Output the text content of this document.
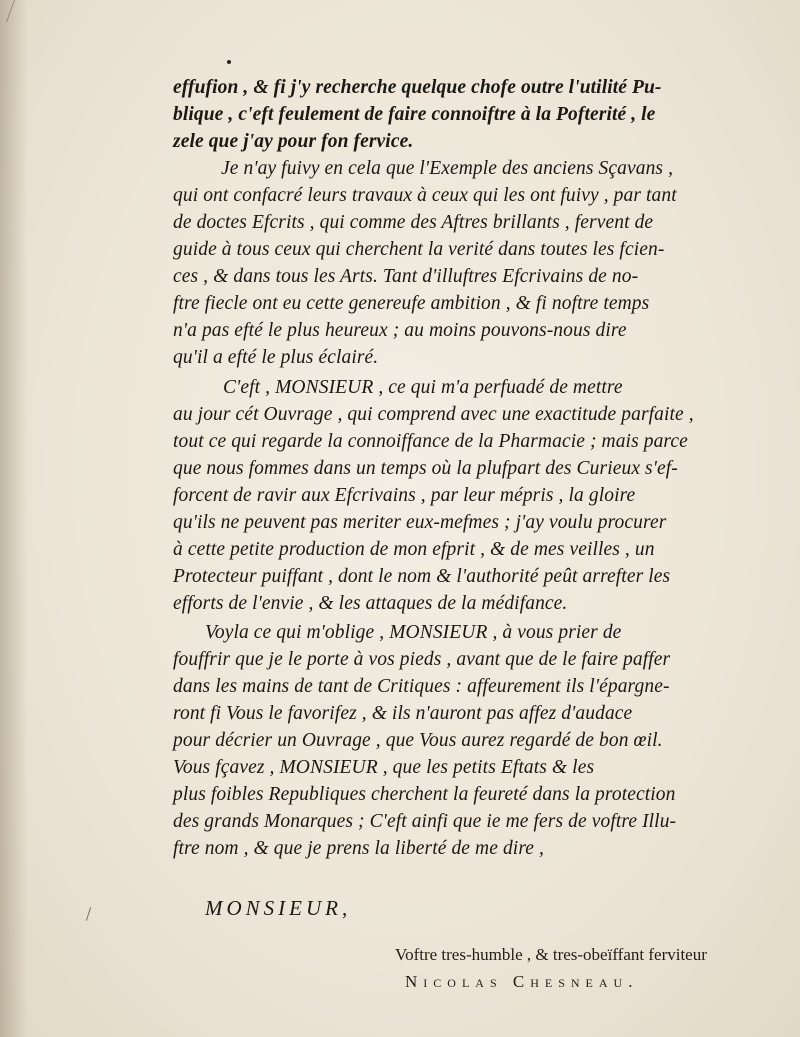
effufion , & fi j'y recherche quelque chofe outre l'utilité Pu-
blique , c'eft feulement de faire connoiftre à la Pofterité , le
zele que j'ay pour fon fervice.
Je n'ay fuivy en cela que l'Exemple des anciens Sçavans ,
qui ont confacré leurs travaux à ceux qui les ont fuivy , par tant
de doctes Efcrits , qui comme des Aftres brillants , fervent de
guide à tous ceux qui cherchent la verité dans toutes les fcien-
ces , & dans tous les Arts. Tant d'illuftres Efcrivains de no-
ftre fiecle ont eu cette genereufe ambition , & fi noftre temps
n'a pas efté le plus heureux ; au moins pouvons-nous dire
qu'il a efté le plus éclairé.
C'eft , MONSIEUR , ce qui m'a perfuadé de mettre
au jour cét Ouvrage , qui comprend avec une exactitude parfaite ,
tout ce qui regarde la connoiffance de la Pharmacie ; mais parce
que nous fommes dans un temps où la plufpart des Curieux s'ef-
forcent de ravir aux Efcrivains , par leur mépris , la gloire
qu'ils ne peuvent pas meriter eux-mefmes ; j'ay voulu procurer
à cette petite production de mon efprit , & de mes veilles , un
Protecteur puiffant , dont le nom & l'authorité peût arrefter les
efforts de l'envie , & les attaques de la médifance.
Voyla ce qui m'oblige , MONSIEUR , à vous prier de
fouffrir que je le porte à vos pieds , avant que de le faire paffer
dans les mains de tant de Critiques : affeurement ils l'épargne-
ront fi Vous le favorifez , & ils n'auront pas affez d'audace
pour décrier un Ouvrage , que Vous aurez regardé de bon œil.
Vous fçavez , MONSIEUR , que les petits Eftats & les
plus foibles Republiques cherchent la feureté dans la protection
des grands Monarques ; C'eft ainfi que ie me fers de voftre Illu-
ftre nom , & que je prens la liberté de me dire ,
MONSIEUR,
Voftre tres-humble , & tres-obeïffant ferviteur
Nicolas Chesneau.
